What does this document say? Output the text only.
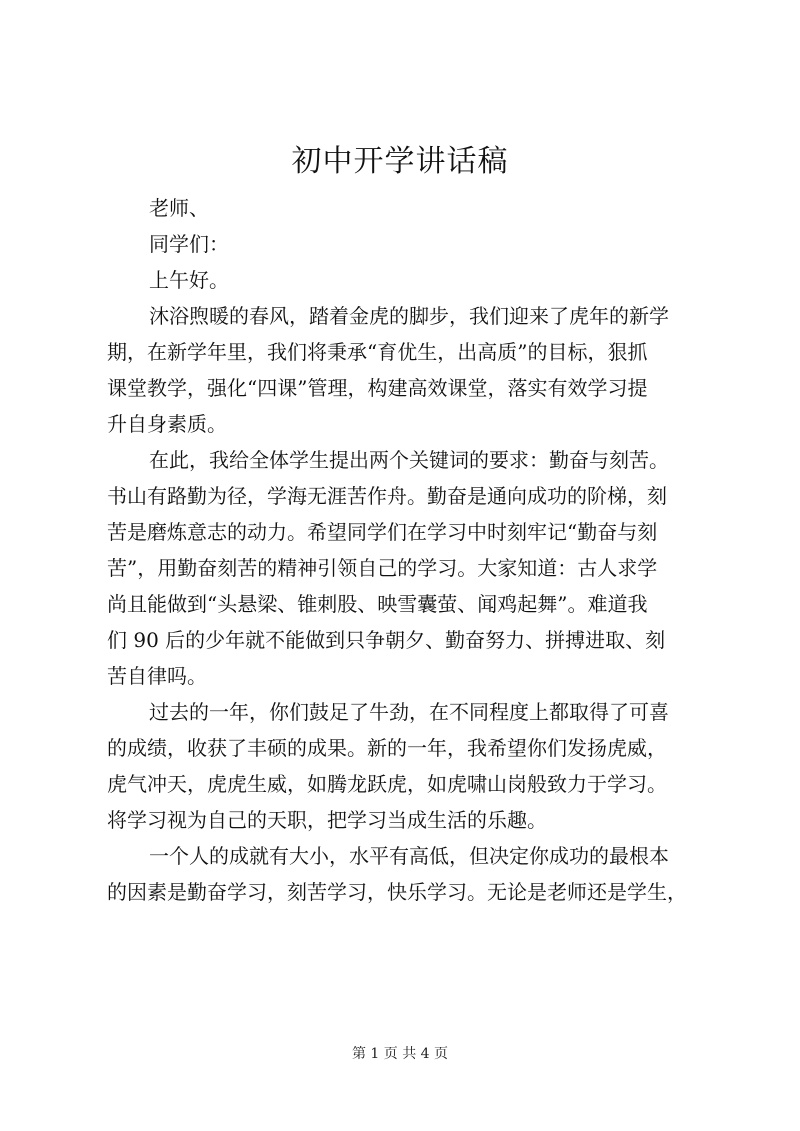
初中开学讲话稿
老师、
同学们：
上午好。
沐浴煦暖的春风，踏着金虎的脚步，我们迎来了虎年的新学
期，在新学年里，我们将秉承“育优生，出高质”的目标，狠抓
课堂教学，强化“四课”管理，构建高效课堂，落实有效学习提
升自身素质。
在此，我给全体学生提出两个关键词的要求：勤奋与刻苦。
书山有路勤为径，学海无涯苦作舟。勤奋是通向成功的阶梯，刻
苦是磨炼意志的动力。希望同学们在学习中时刻牢记“勤奋与刻
苦”，用勤奋刻苦的精神引领自己的学习。大家知道：古人求学
尚且能做到“头悬梁、锥刺股、映雪囊萤、闻鸡起舞”。难道我
们 90 后的少年就不能做到只争朝夕、勤奋努力、拼搏进取、刻
苦自律吗。
过去的一年，你们鼓足了牛劲，在不同程度上都取得了可喜
的成绩，收获了丰硕的成果。新的一年，我希望你们发扬虎威，
虎气冲天，虎虎生威，如腾龙跃虎，如虎啸山岗般致力于学习。
将学习视为自己的天职，把学习当成生活的乐趣。
一个人的成就有大小，水平有高低，但决定你成功的最根本
的因素是勤奋学习，刻苦学习，快乐学习。无论是老师还是学生，
第 1 页 共 4 页
